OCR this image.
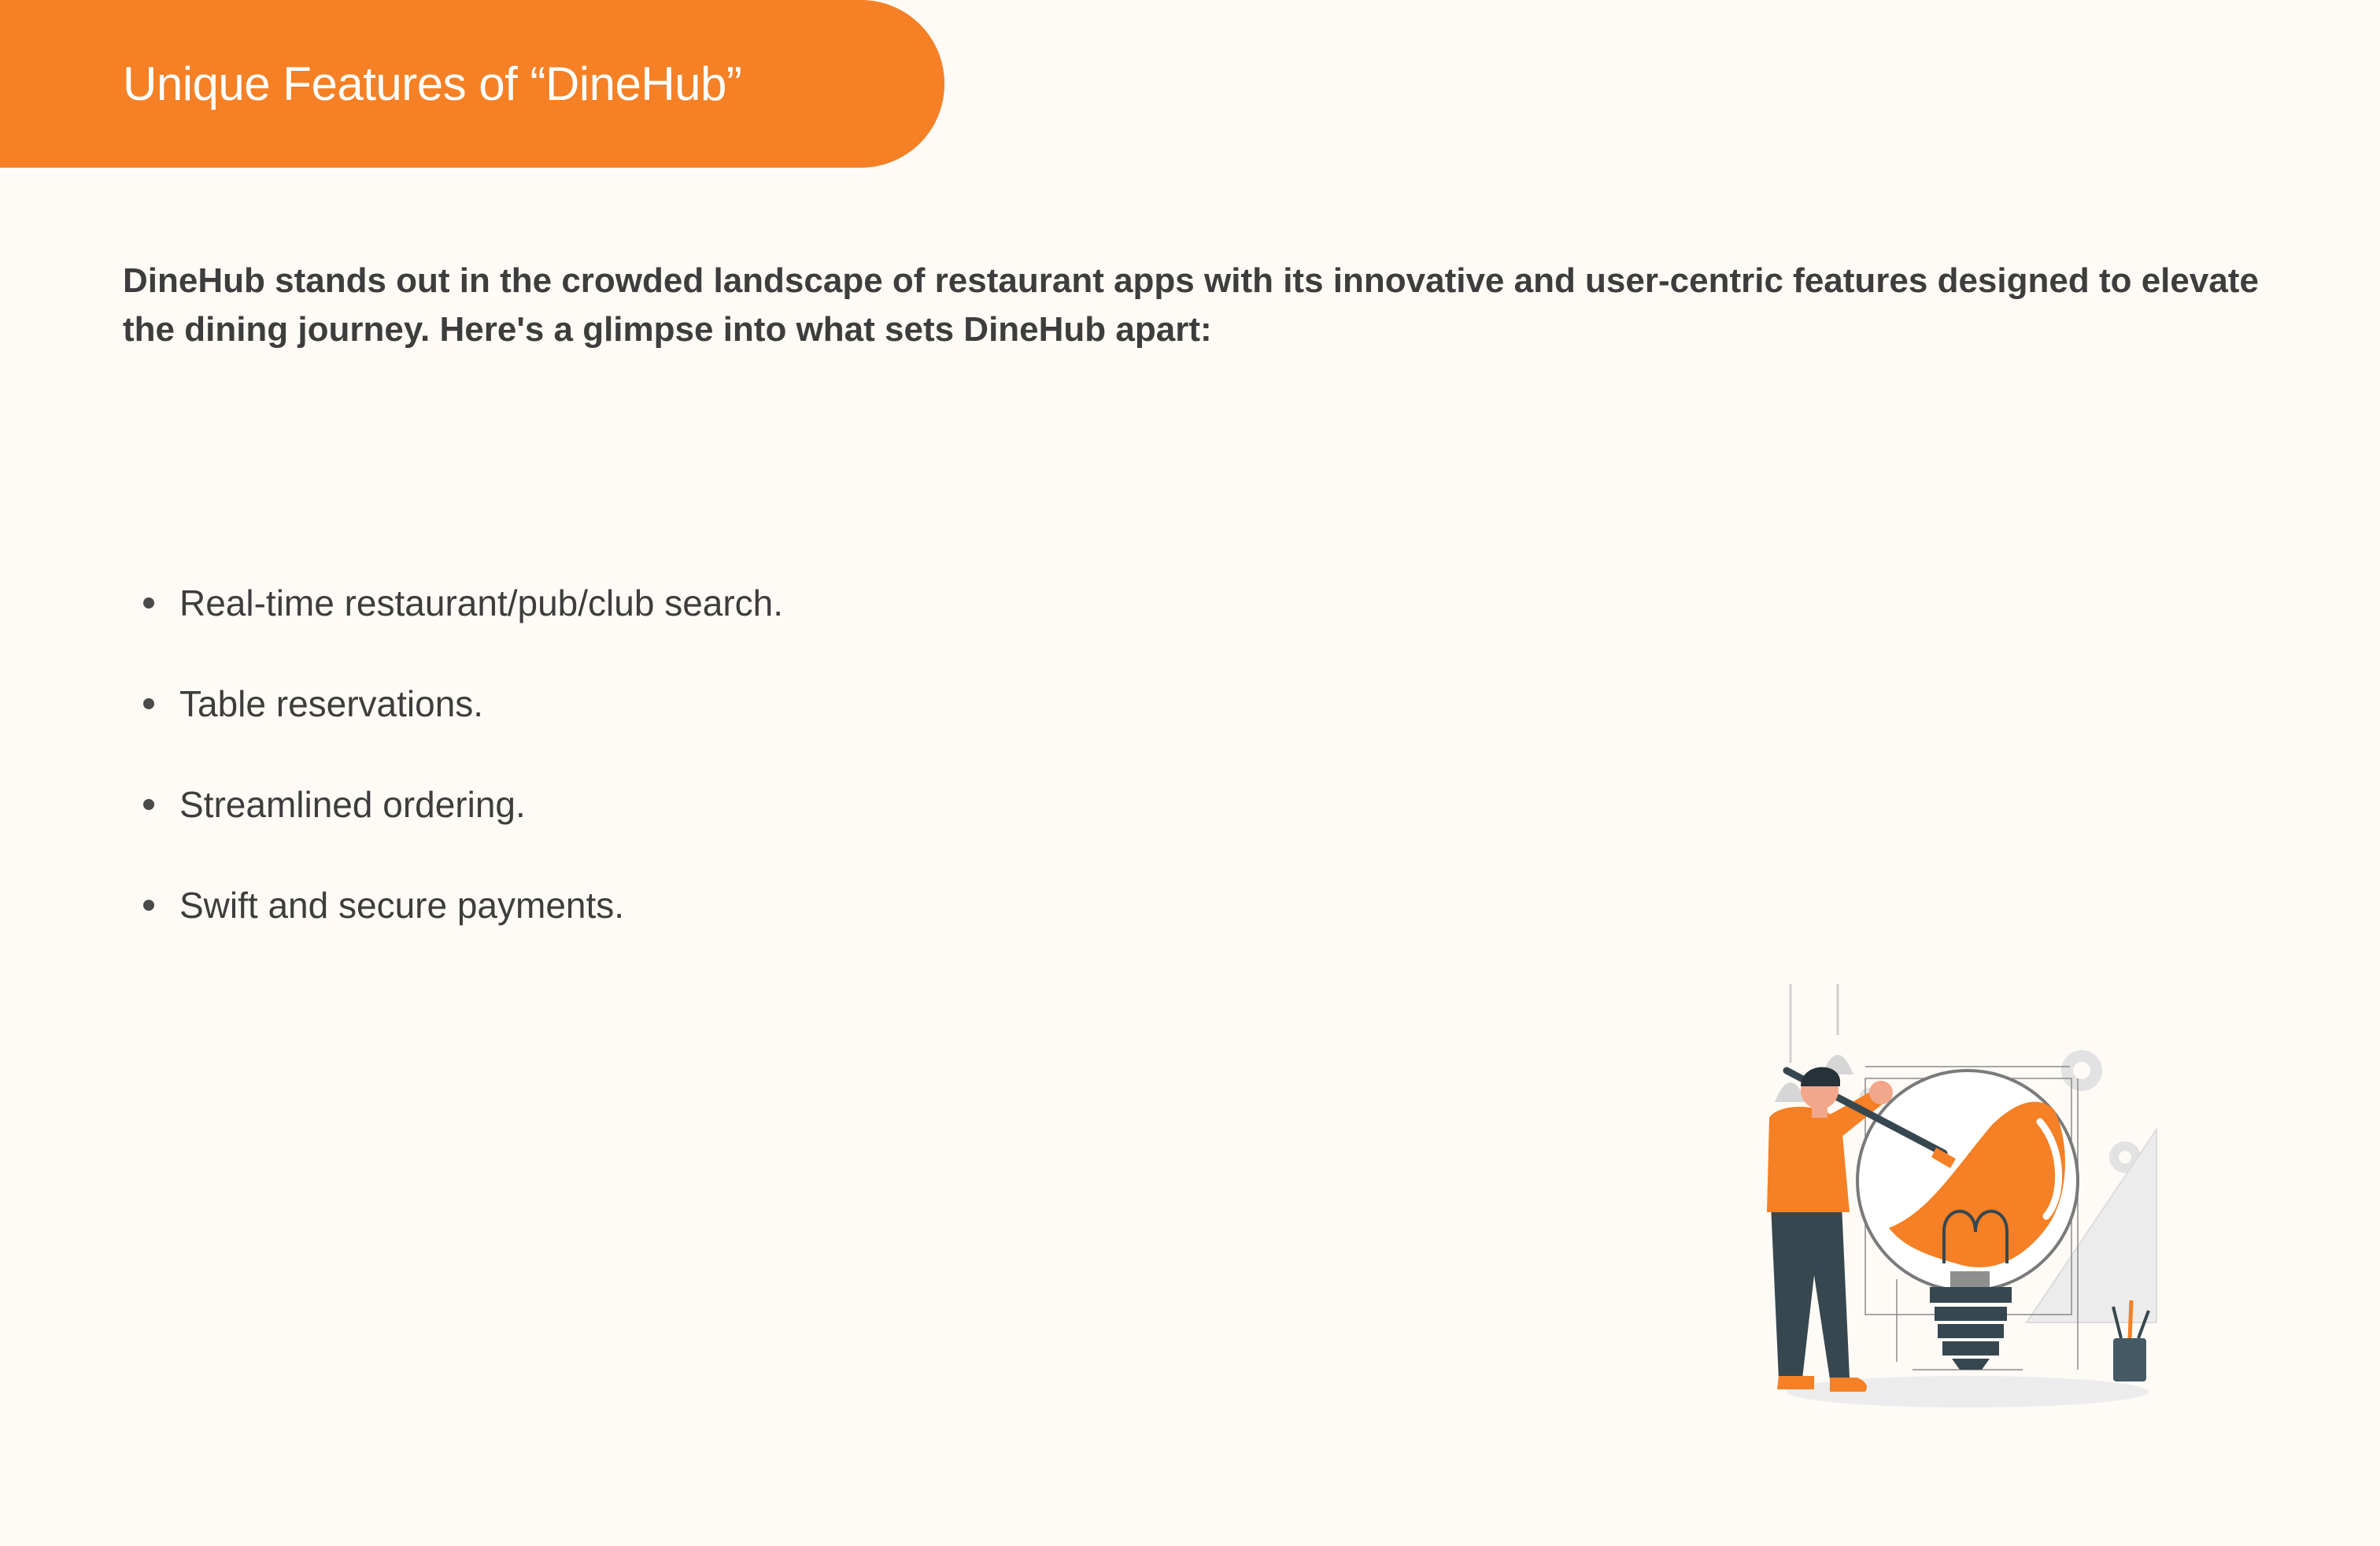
Unique Features of “DineHub”

DineHub stands out in the crowded landscape of restaurant apps with its innovative and user-centric features designed to elevate the dining journey. Here's a glimpse into what sets DineHub apart:

Real-time restaurant/pub/club search.
Table reservations.
Streamlined ordering.
Swift and secure payments.
